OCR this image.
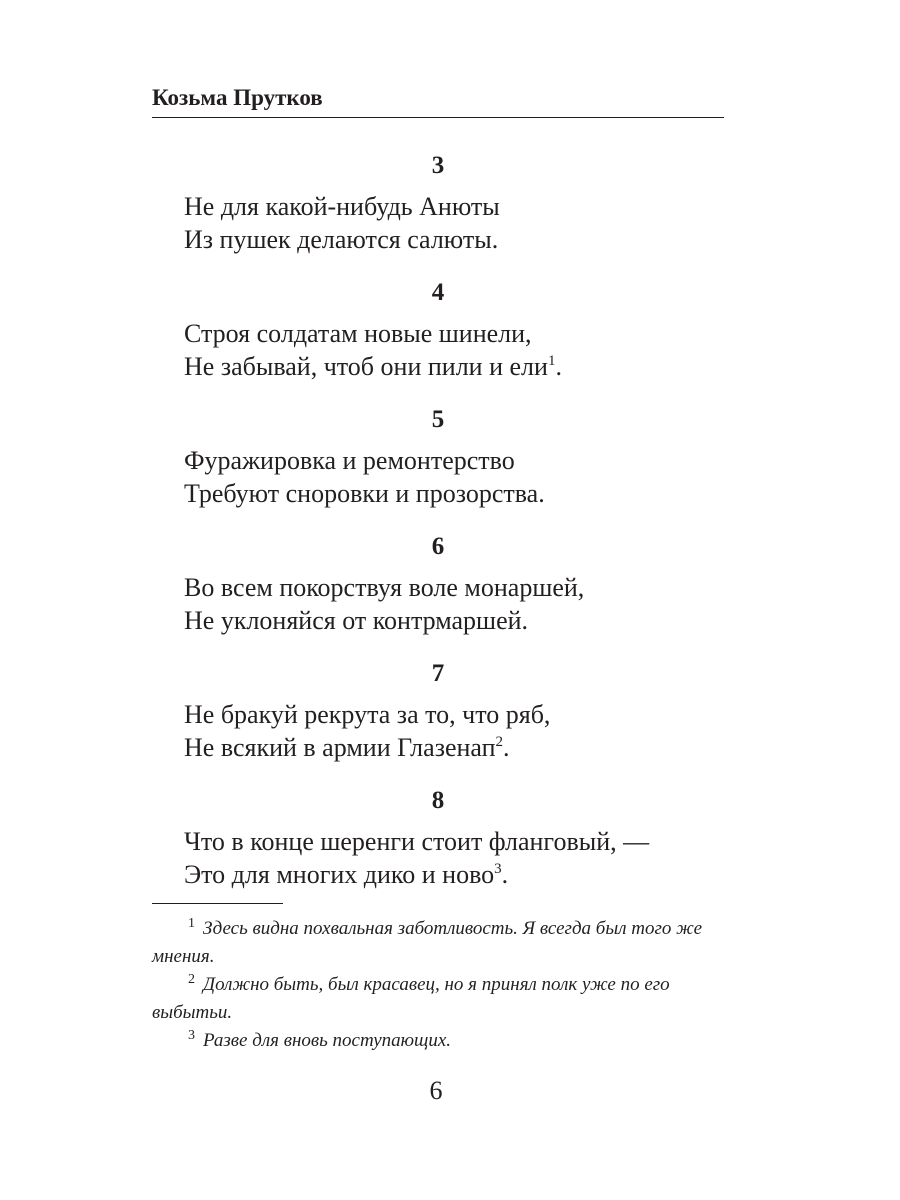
Козьма Прутков
3
Не для какой-нибудь Анюты
Из пушек делаются салюты.
4
Строя солдатам новые шинели,
Не забывай, чтоб они пили и ели$^1$.
5
Фуражировка и ремонтерство
Требуют сноровки и прозорства.
6
Во всем покорствуя воле монаршей,
Не уклоняйся от контрмаршей.
7
Не бракуй рекрута за то, что ряб,
Не всякий в армии Глазенап$^2$.
8
Что в конце шеренги стоит фланговый, —
Это для многих дико и ново$^3$.

$^1$ Здесь видна похвальная заботливость. Я всегда был того же мнения.

$^2$ Должно быть, был красавец, но я принял полк уже по его выбытьи.

$^3$ Разве для вновь поступающих.

6
